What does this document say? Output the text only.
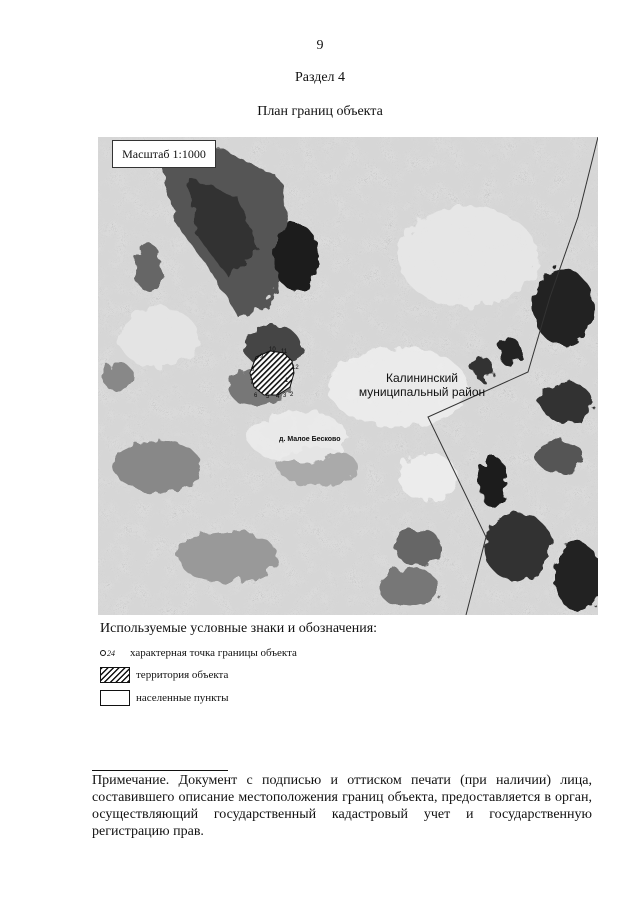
9
Раздел 4
План границ объекта
Масштаб 1:1000
1
2
3
4
5
6
7
8
9
10 11
12
Калининский
муниципальный район
д. Малое Бесково
Используемые условные знаки и обозначения:
24 характерная точка границы объекта
территория объекта
населенные пункты
Примечание. Документ с подписью и оттиском печати (при наличии) лица, составившего описание местоположения границ объекта, предоставляется в орган, осуществляющий государственный кадастровый учет и государственную регистрацию прав.
